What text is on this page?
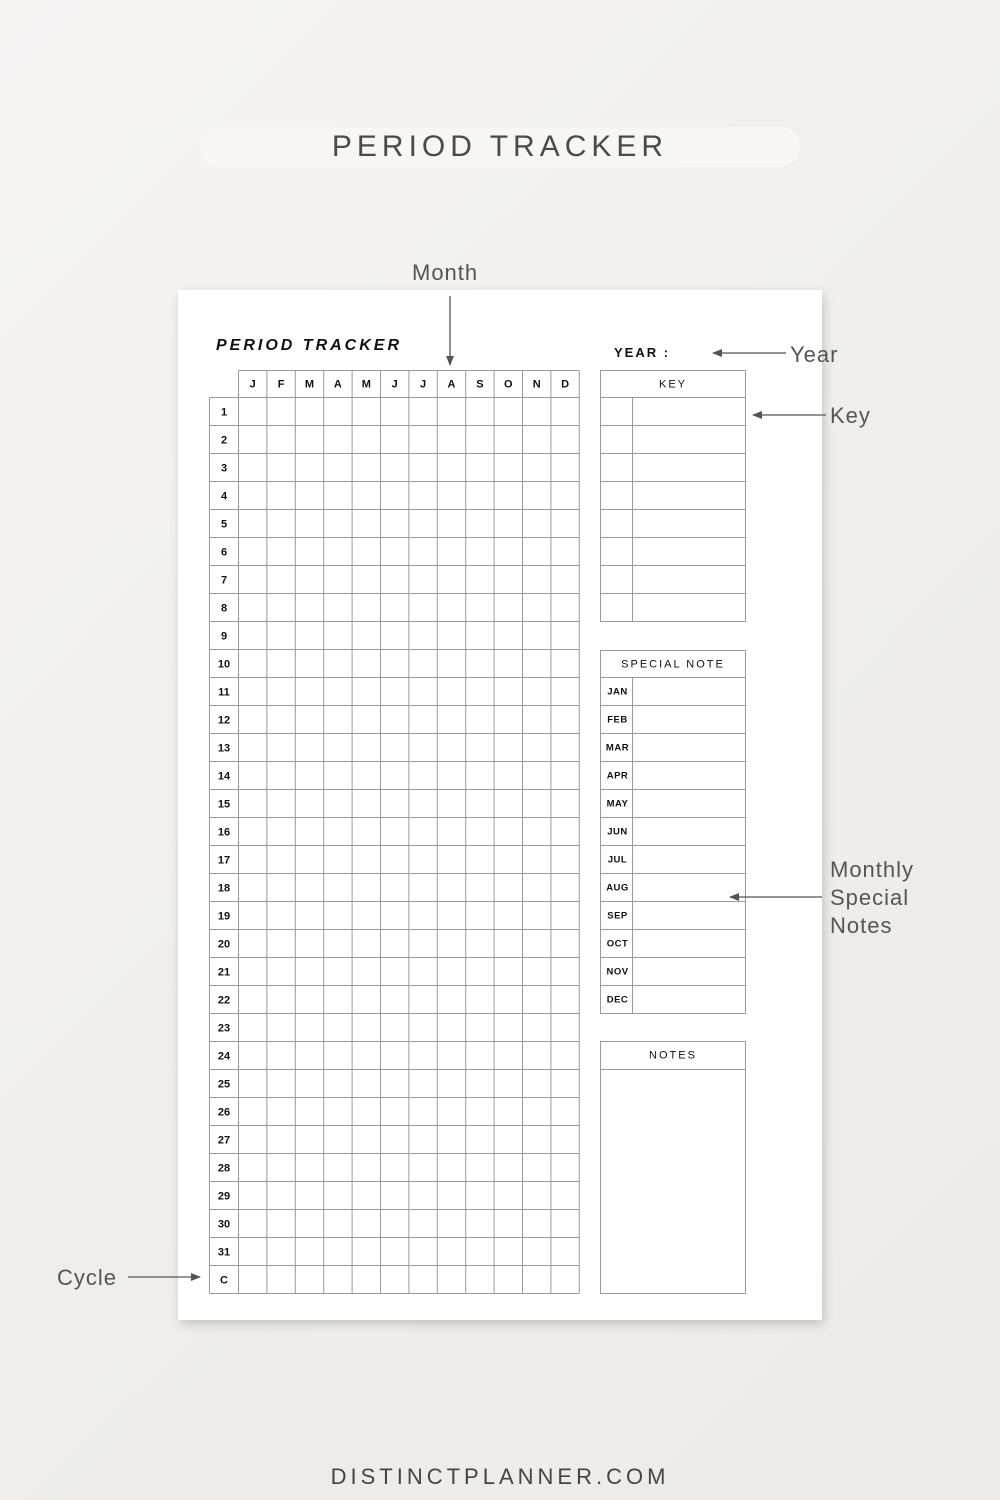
PERIOD TRACKER
PERIOD TRACKER	YEAR :
J F M A M J J A S O N D
1
2
3
4
5
6
7
8
9
10
11
12
13
14
15
16
17
18
19
20
21
22
23
24
25
26
27
28
29
30
31
C
KEY
SPECIAL NOTE
JAN
FEB
MAR
APR
MAY
JUN
JUL
AUG
SEP
OCT
NOV
DEC
NOTES
Month
Year
Key
Monthly
Special
Notes
Cycle
DISTINCTPLANNER.COM
